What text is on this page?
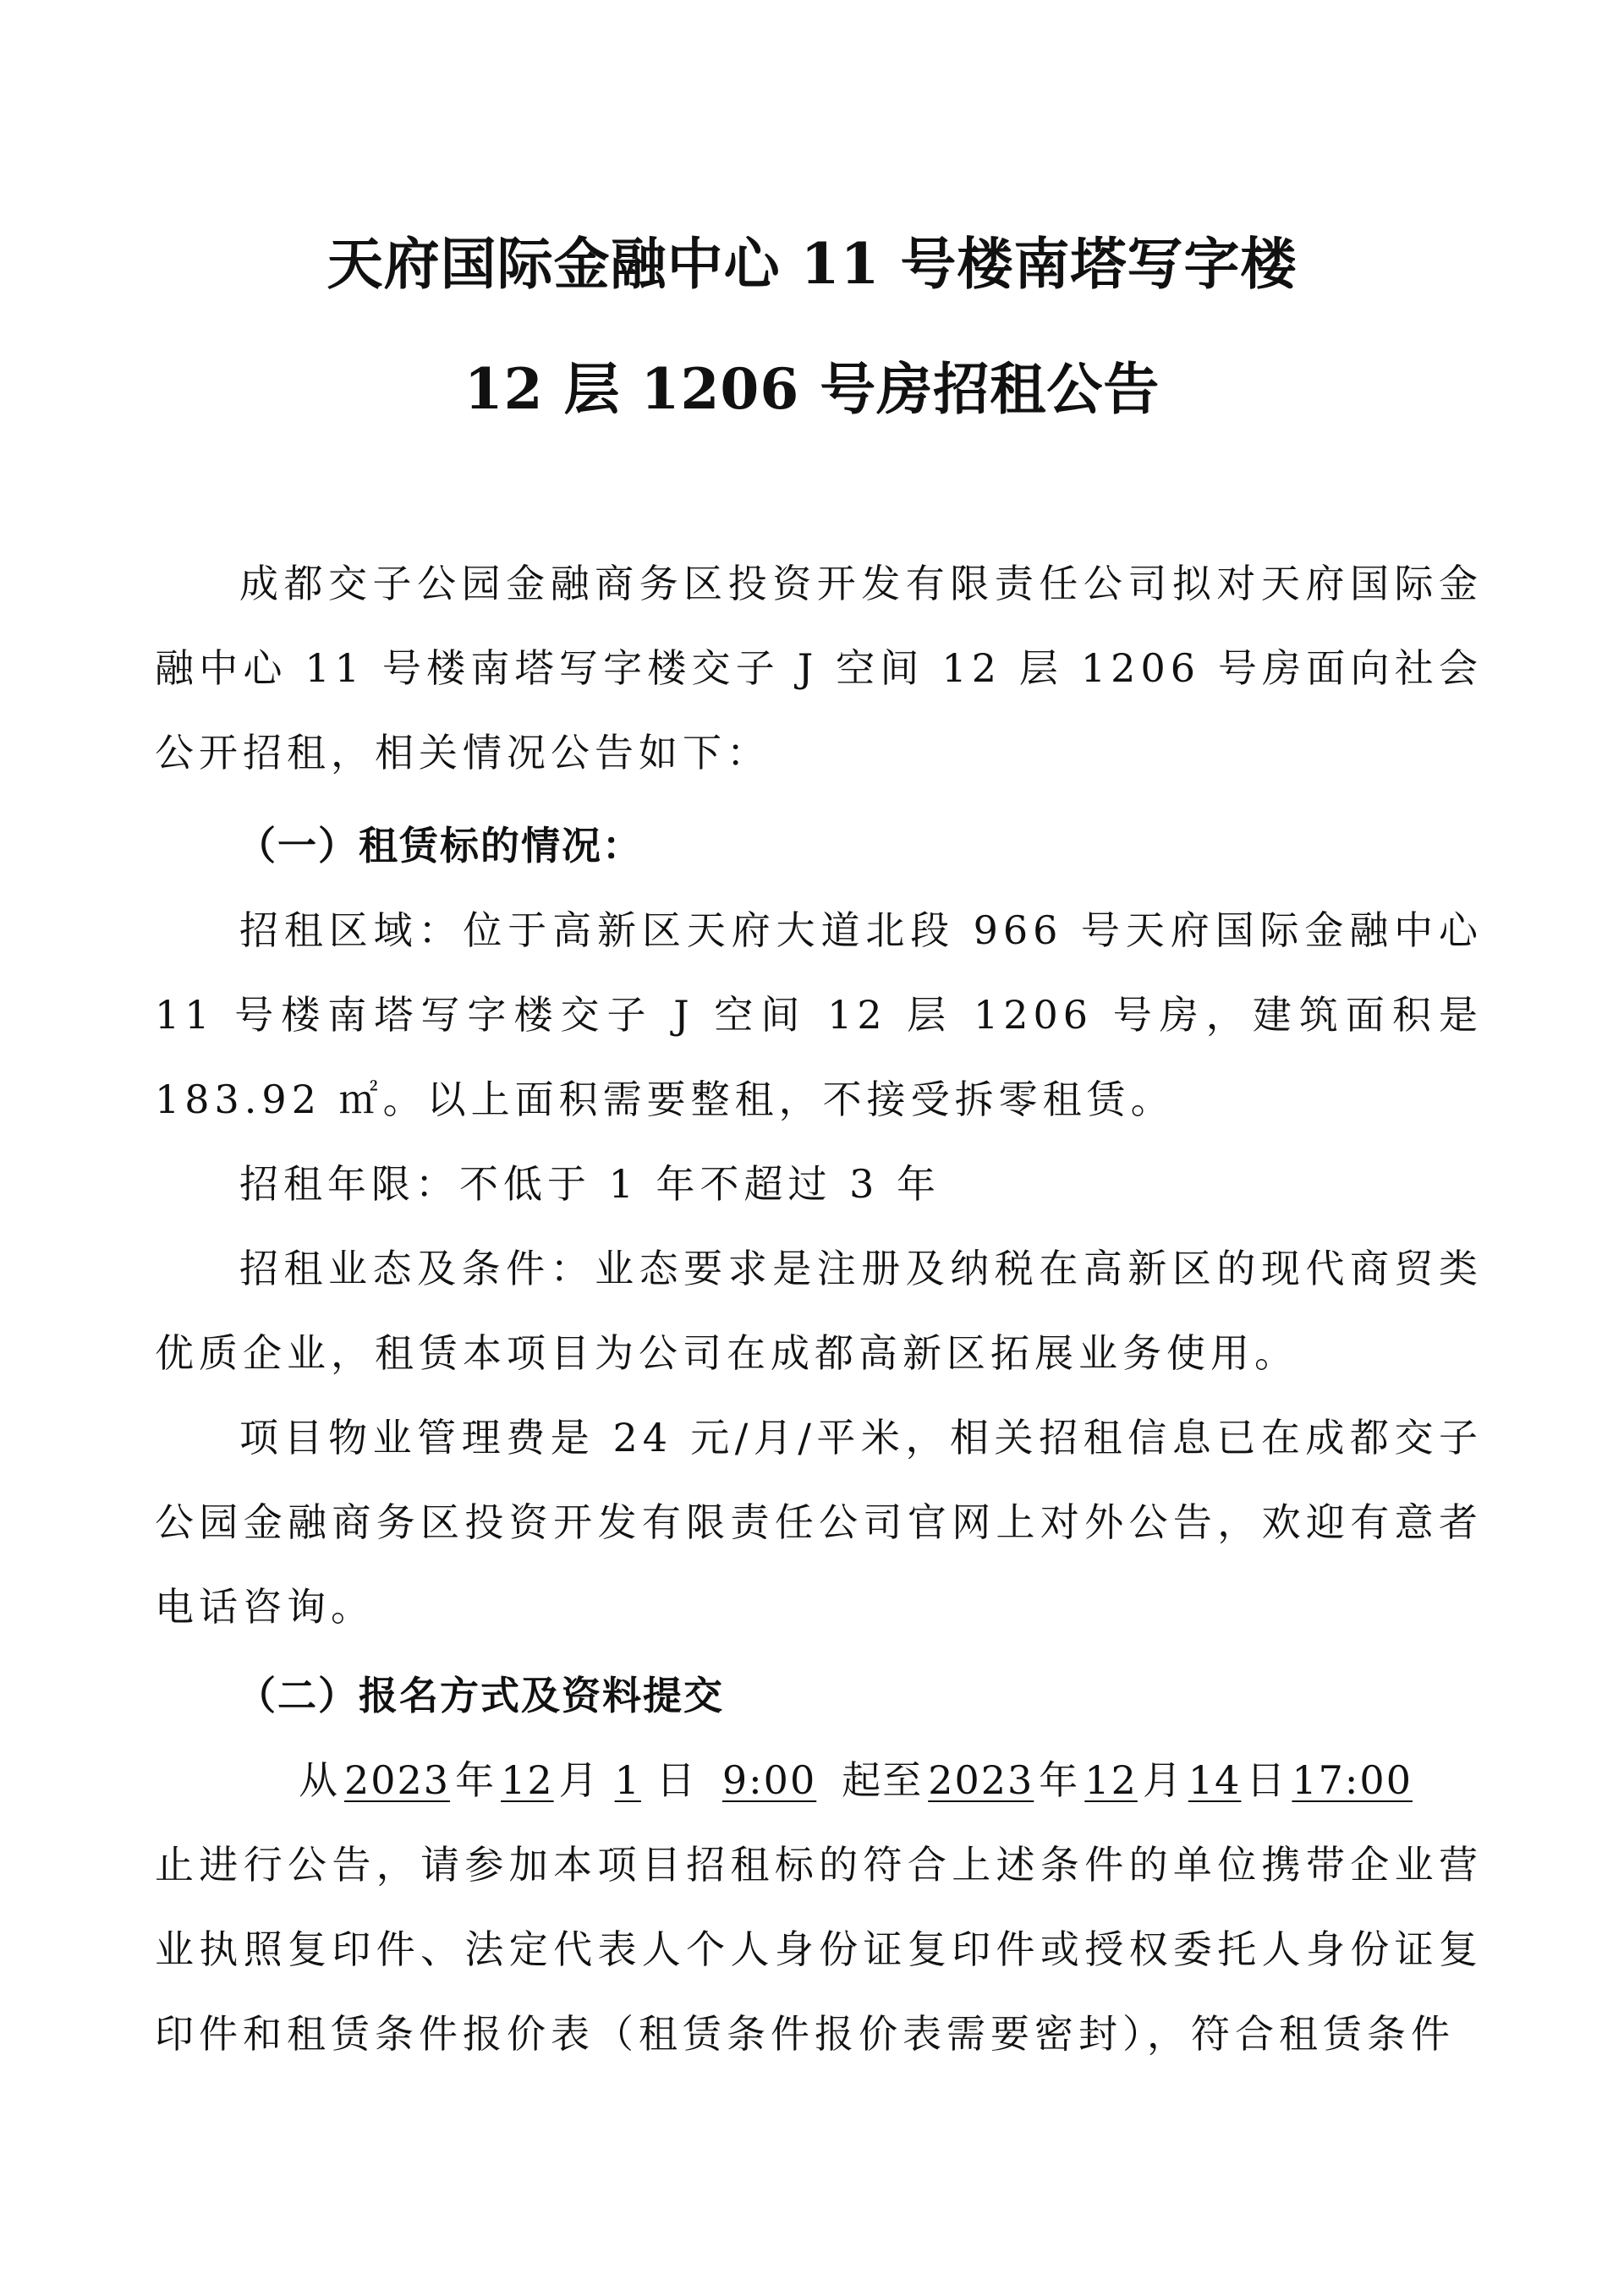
天府国际金融中心 11 号楼南塔写字楼
12 层 1206 号房招租公告

成都交子公园金融商务区投资开发有限责任公司拟对天府国际金融中心 11 号楼南塔写字楼交子 J 空间 12 层 1206 号房面向社会公开招租，相关情况公告如下：

（一）租赁标的情况：

招租区域：位于高新区天府大道北段 966 号天府国际金融中心 11 号楼南塔写字楼交子 J 空间 12 层 1206 号房，建筑面积是 183.92 ㎡。以上面积需要整租，不接受拆零租赁。

招租年限：不低于 1 年不超过 3 年

招租业态及条件：业态要求是注册及纳税在高新区的现代商贸类优质企业，租赁本项目为公司在成都高新区拓展业务使用。

项目物业管理费是 24 元/月/平米，相关招租信息已在成都交子公园金融商务区投资开发有限责任公司官网上对外公告，欢迎有意者电话咨询。

（二）报名方式及资料提交

从 2023 年 12 月 1 日 9:00 起至 2023 年 12 月 14 日 17:00

止进行公告，请参加本项目招租标的符合上述条件的单位携带企业营业执照复印件、法定代表人个人身份证复印件或授权委托人身份证复印件和租赁条件报价表（租赁条件报价表需要密封），符合租赁条件
